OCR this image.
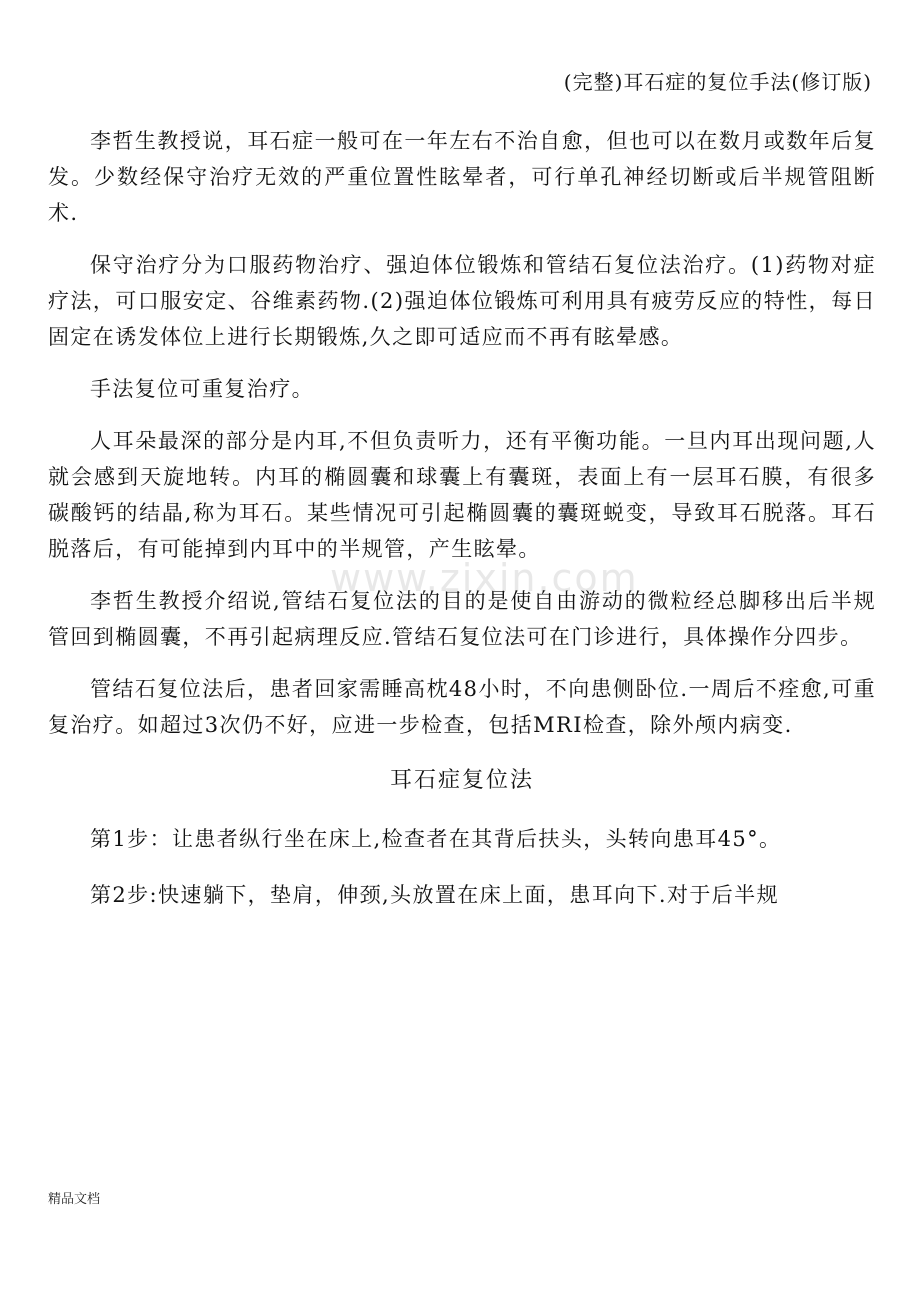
(完整)耳石症的复位手法(修订版)
www.zixin.com

李哲生教授说，耳石症一般可在一年左右不治自愈，但也可以在数月或数年后复发。少数经保守治疗无效的严重位置性眩晕者，可行单孔神经切断或后半规管阻断术.

保守治疗分为口服药物治疗、强迫体位锻炼和管结石复位法治疗。(1)药物对症疗法，可口服安定、谷维素药物.(2)强迫体位锻炼可利用具有疲劳反应的特性，每日固定在诱发体位上进行长期锻炼,久之即可适应而不再有眩晕感。

手法复位可重复治疗。

人耳朵最深的部分是内耳,不但负责听力，还有平衡功能。一旦内耳出现问题,人就会感到天旋地转。内耳的椭圆囊和球囊上有囊斑，表面上有一层耳石膜，有很多碳酸钙的结晶,称为耳石。某些情况可引起椭圆囊的囊斑蜕变，导致耳石脱落。耳石脱落后，有可能掉到内耳中的半规管，产生眩晕。

李哲生教授介绍说,管结石复位法的目的是使自由游动的微粒经总脚移出后半规管回到椭圆囊，不再引起病理反应.管结石复位法可在门诊进行，具体操作分四步。

管结石复位法后，患者回家需睡高枕48小时，不向患侧卧位.一周后不痊愈,可重复治疗。如超过3次仍不好，应进一步检查，包括MRI检查，除外颅内病变.

耳石症复位法

第1步：让患者纵行坐在床上,检查者在其背后扶头，头转向患耳45°。

第2步:快速躺下，垫肩，伸颈,头放置在床上面，患耳向下.对于后半规

精品文档
